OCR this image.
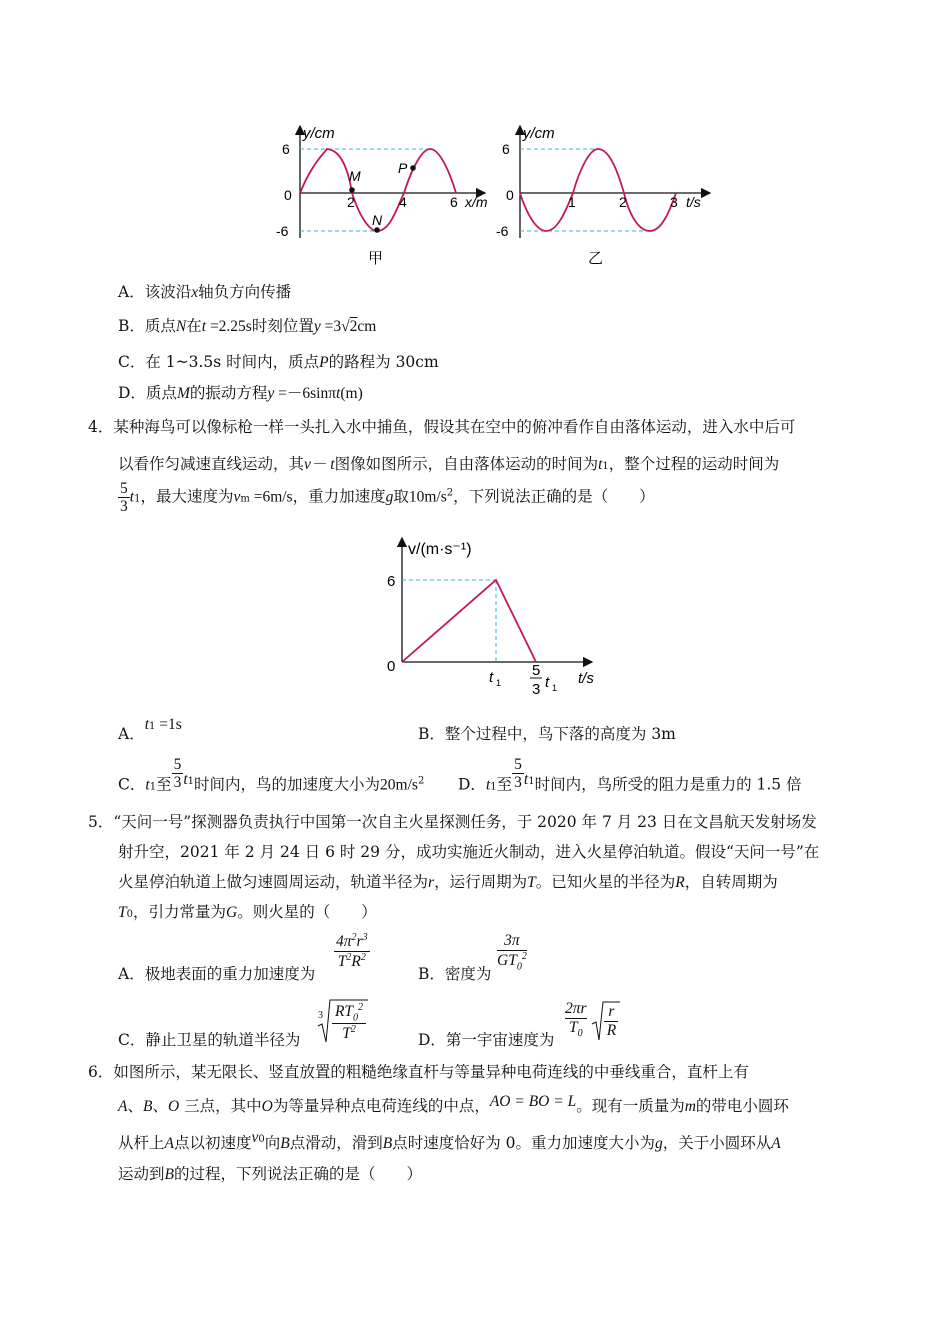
y/cm
6
-6
0	2	4	6 x/m
M
N
P
甲
y/cm
6
-6
0	1	2	3 t/s
乙
A．该波沿x轴负方向传播
B．质点N在t =2.25s时刻位置y =3√2cm
C．在 1~3.5s 时间内，质点P的路程为 30cm
D．质点M的振动方程y =－6sinπt(m)
4．某种海鸟可以像标枪一样一头扎入水中捕鱼，假设其在空中的俯冲看作自由落体运动，进入水中后可
以看作匀减速直线运动，其v－ t图像如图所示，自由落体运动的时间为t1，整个过程的运动时间为
$\frac{5}{3} t1$，最大速度为vm =6m/s，重力加速度g取$10m/s^2$，下列说法正确的是（　　）
v/(m·s⁻¹)
6
0
t 1
5
3 t 1
t/s
A．$t^1 =1s$
B．整个过程中，鸟下落的高度为 3m
C．t1至 $\frac{5}{3} t^1$时间内，鸟的加速度大小为$20m/s^2$ D．t1至 $\frac{5}{3} t^1$时间内，鸟所受的阻力是重力的 1.5 倍
5．“天问一号”探测器负责执行中国第一次自主火星探测任务，于 2020 年 7 月 23 日在文昌航天发射场发
射升空，2021 年 2 月 24 日 6 时 29 分，成功实施近火制动，进入火星停泊轨道。假设“天问一号”在
火星停泊轨道上做匀速圆周运动，轨道半径为r，运行周期为T。已知火星的半径为R，自转周期为
T0，引力常量为G。则火星的（　　）
A．极地表面的重力加速度为
$4\pi^2r^3$
$T^2R^2$
B．密度为
3π
$GT_0^2$
C．静止卫星的轨道半径为
3 $RT_0^2$
$T^2$
D．第一宇宙速度为
$\frac{2\pi r}{T_0}$
r
R
6．如图所示，某无限长、竖直放置的粗糙绝缘直杆与等量异种电荷连线的中垂线重合，直杆上有
A、B、O 三点，其中O为等量异种点电荷连线的中点，AO = BO = L。现有一质量为m的带电小圆环
从杆上A点以初速度$v^0$向B点滑动，滑到B点时速度恰好为 0。重力加速度大小为g，关于小圆环从A
运动到B的过程，下列说法正确的是（　　）
